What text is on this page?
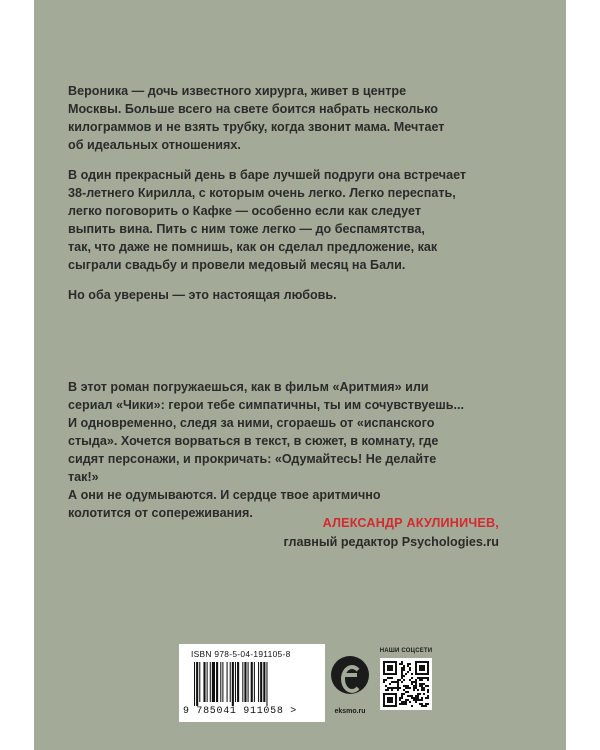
Вероника — дочь известного хирурга, живет в центре
Москвы. Больше всего на свете боится набрать несколько
килограммов и не взять трубку, когда звонит мама. Мечтает
об идеальных отношениях.

В один прекрасный день в баре лучшей подруги она встречает
38-летнего Кирилла, с которым очень легко. Легко переспать,
легко поговорить о Кафке — особенно если как следует
выпить вина. Пить с ним тоже легко — до беспамятства,
так, что даже не помнишь, как он сделал предложение, как
сыграли свадьбу и провели медовый месяц на Бали.

Но оба уверены — это настоящая любовь.

В этот роман погружаешься, как в фильм «Аритмия» или
сериал «Чики»: герои тебе симпатичны, ты им сочувствуешь...
И одновременно, следя за ними, сгораешь от «испанского
стыда». Хочется ворваться в текст, в сюжет, в комнату, где
сидят персонажи, и прокричать: «Одумайтесь! Не делайте так!»
А они не одумываются. И сердце твое аритмично
колотится от сопереживания.

АЛЕКСАНДР АКУЛИНИЧЕВ,
главный редактор Psychologies.ru
ISBN 978-5-04-191105-8
9 785041 911058 >	eksmo.ru
НАШИ СОЦСЕТИ
